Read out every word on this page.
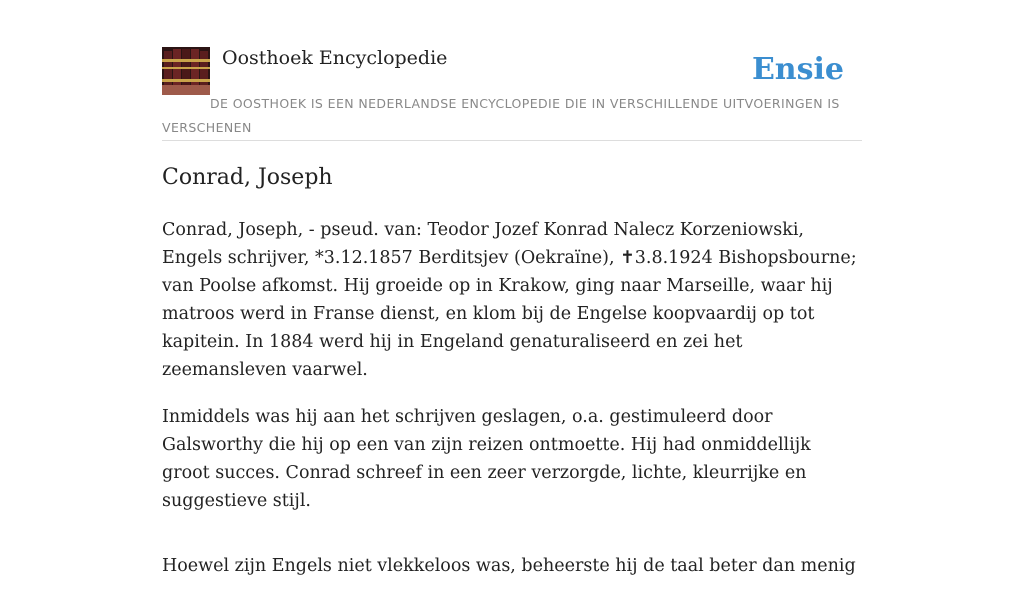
Oosthoek Encyclopedie	Ensie

DE OOSTHOEK IS EEN NEDERLANDSE ENCYCLOPEDIE DIE IN VERSCHILLENDE UITVOERINGEN IS VERSCHENEN

Conrad, Joseph

Conrad, Joseph, - pseud. van: Teodor Jozef Konrad Nalecz Korzeniowski, Engels schrijver, *3.12.1857 Berditsjev (Oekraïne), ✝3.8.1924 Bishopsbourne; van Poolse afkomst. Hij groeide op in Krakow, ging naar Marseille, waar hij matroos werd in Franse dienst, en klom bij de Engelse koopvaardij op tot kapitein. In 1884 werd hij in Engeland genaturaliseerd en zei het zeemansleven vaarwel.

Inmiddels was hij aan het schrijven geslagen, o.a. gestimuleerd door Galsworthy die hij op een van zijn reizen ontmoette. Hij had onmiddellijk groot succes. Conrad schreef in een zeer verzorgde, lichte, kleurrijke en suggestieve stijl.

Hoewel zijn Engels niet vlekkeloos was, beheerste hij de taal beter dan menig
